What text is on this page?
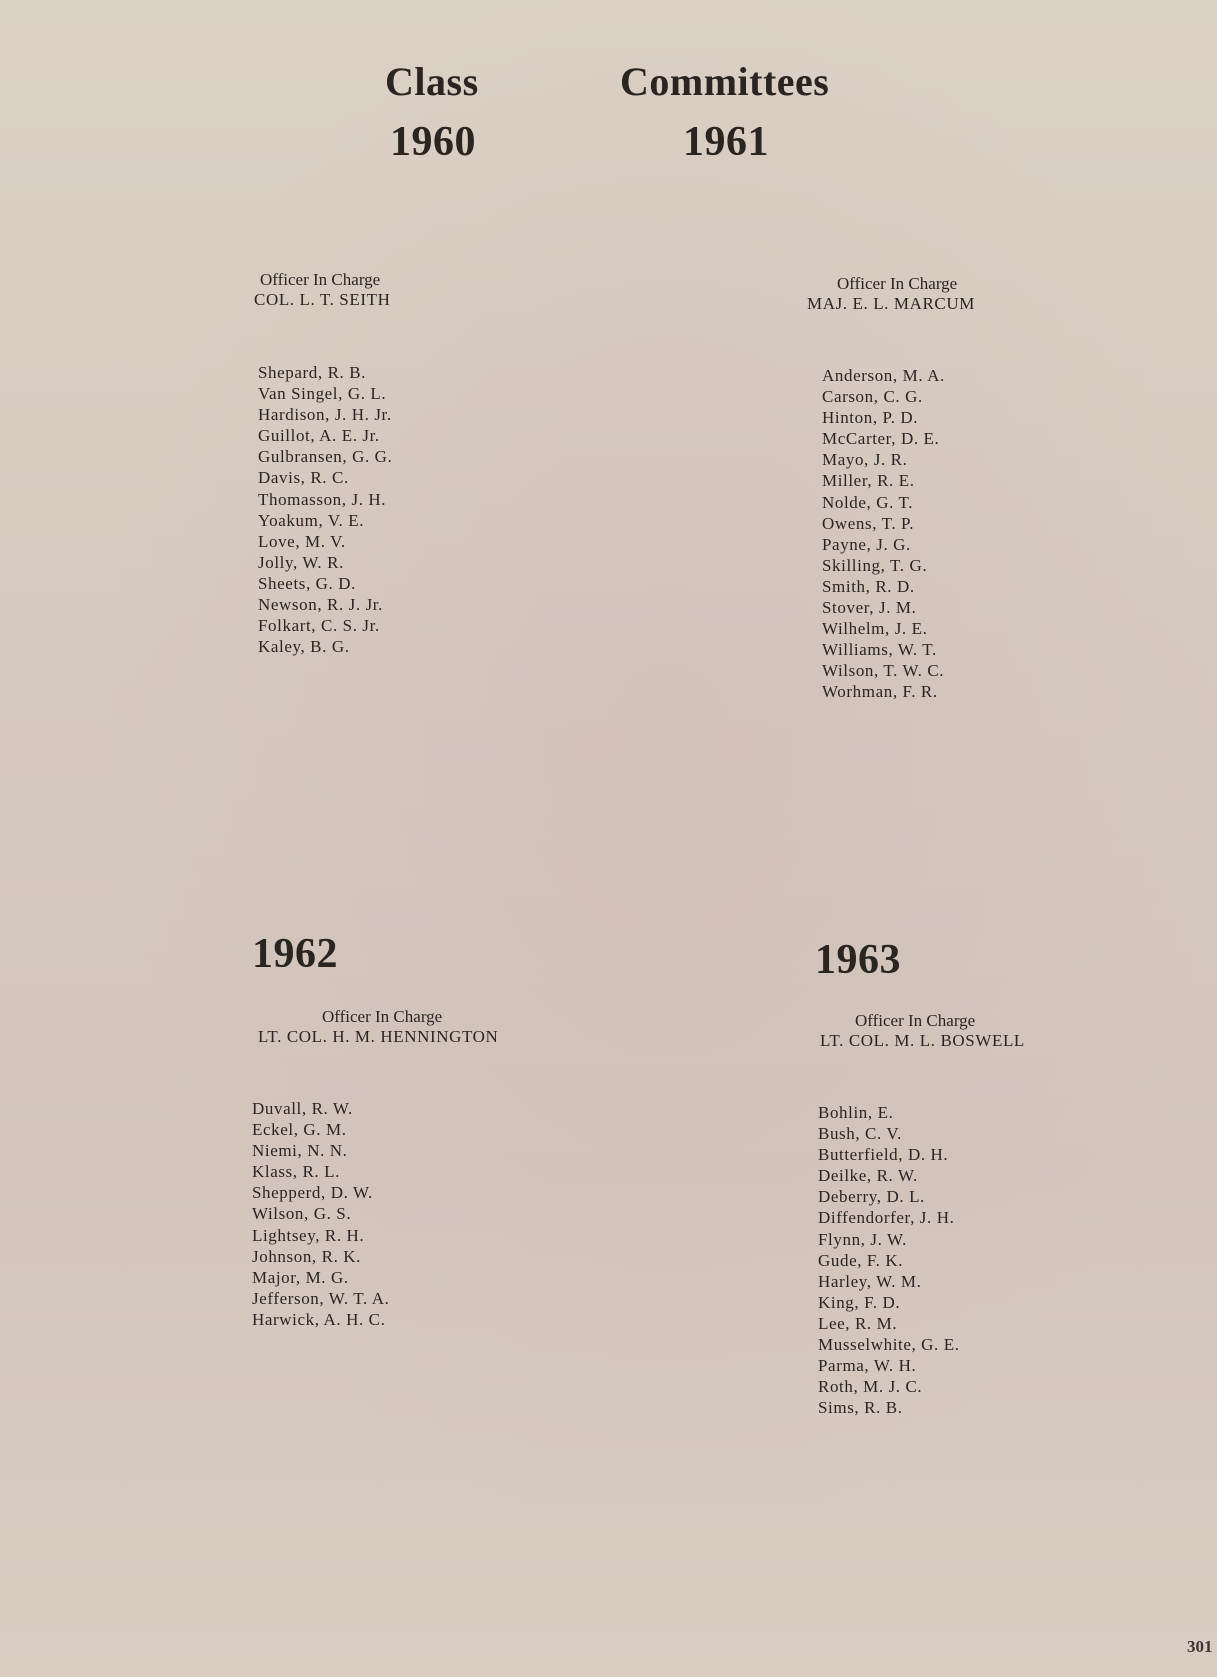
Class	Committees
1960	1961
Officer In Charge
COL. L. T. SEITH
Shepard, R. B.
Van Singel, G. L.
Hardison, J. H. Jr.
Guillot, A. E. Jr.
Gulbransen, G. G.
Davis, R. C.
Thomasson, J. H.
Yoakum, V. E.
Love, M. V.
Jolly, W. R.
Sheets, G. D.
Newson, R. J. Jr.
Folkart, C. S. Jr.
Kaley, B. G.
Officer In Charge
MAJ. E. L. MARCUM
Anderson, M. A.
Carson, C. G.
Hinton, P. D.
McCarter, D. E.
Mayo, J. R.
Miller, R. E.
Nolde, G. T.
Owens, T. P.
Payne, J. G.
Skilling, T. G.
Smith, R. D.
Stover, J. M.
Wilhelm, J. E.
Williams, W. T.
Wilson, T. W. C.
Worhman, F. R.
1962
Officer In Charge
LT. COL. H. M. HENNINGTON
Duvall, R. W.
Eckel, G. M.
Niemi, N. N.
Klass, R. L.
Shepperd, D. W.
Wilson, G. S.
Lightsey, R. H.
Johnson, R. K.
Major, M. G.
Jefferson, W. T. A.
Harwick, A. H. C.
1963
Officer In Charge
LT. COL. M. L. BOSWELL
Bohlin, E.
Bush, C. V.
Butterfield, D. H.
Deilke, R. W.
Deberry, D. L.
Diffendorfer, J. H.
Flynn, J. W.
Gude, F. K.
Harley, W. M.
King, F. D.
Lee, R. M.
Musselwhite, G. E.
Parma, W. H.
Roth, M. J. C.
Sims, R. B.
301
